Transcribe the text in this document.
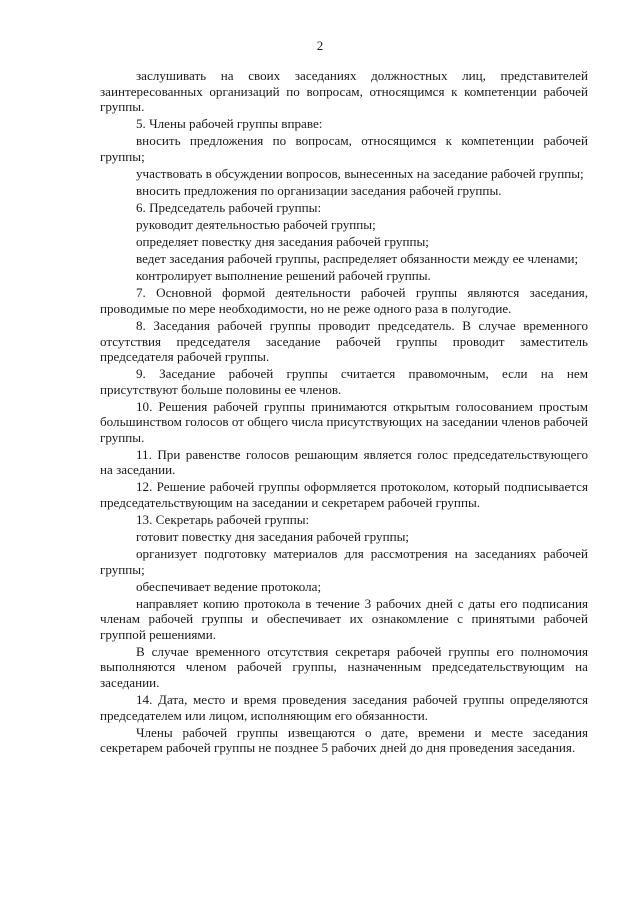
2

заслушивать на своих заседаниях должностных лиц, представителей заинтересованных организаций по вопросам, относящимся к компетенции рабочей группы.

5. Члены рабочей группы вправе:

вносить предложения по вопросам, относящимся к компетенции рабочей группы;

участвовать в обсуждении вопросов, вынесенных на заседание рабочей группы;

вносить предложения по организации заседания рабочей группы.

6. Председатель рабочей группы:

руководит деятельностью рабочей группы;

определяет повестку дня заседания рабочей группы;

ведет заседания рабочей группы, распределяет обязанности между ее членами;

контролирует выполнение решений рабочей группы.

7. Основной формой деятельности рабочей группы являются заседания, проводимые по мере необходимости, но не реже одного раза в полугодие.

8. Заседания рабочей группы проводит председатель. В случае временного отсутствия председателя заседание рабочей группы проводит заместитель председателя рабочей группы.

9. Заседание рабочей группы считается правомочным, если на нем присутствуют больше половины ее членов.

10. Решения рабочей группы принимаются открытым голосованием простым большинством голосов от общего числа присутствующих на заседании членов рабочей группы.

11. При равенстве голосов решающим является голос председательствующего на заседании.

12. Решение рабочей группы оформляется протоколом, который подписывается председательствующим на заседании и секретарем рабочей группы.

13. Секретарь рабочей группы:

готовит повестку дня заседания рабочей группы;

организует подготовку материалов для рассмотрения на заседаниях рабочей группы;

обеспечивает ведение протокола;

направляет копию протокола в течение 3 рабочих дней с даты его подписания членам рабочей группы и обеспечивает их ознакомление с принятыми рабочей группой решениями.

В случае временного отсутствия секретаря рабочей группы его полномочия выполняются членом рабочей группы, назначенным председательствующим на заседании.

14. Дата, место и время проведения заседания рабочей группы определяются председателем или лицом, исполняющим его обязанности.

Члены рабочей группы извещаются о дате, времени и месте заседания секретарем рабочей группы не позднее 5 рабочих дней до дня проведения заседания.
